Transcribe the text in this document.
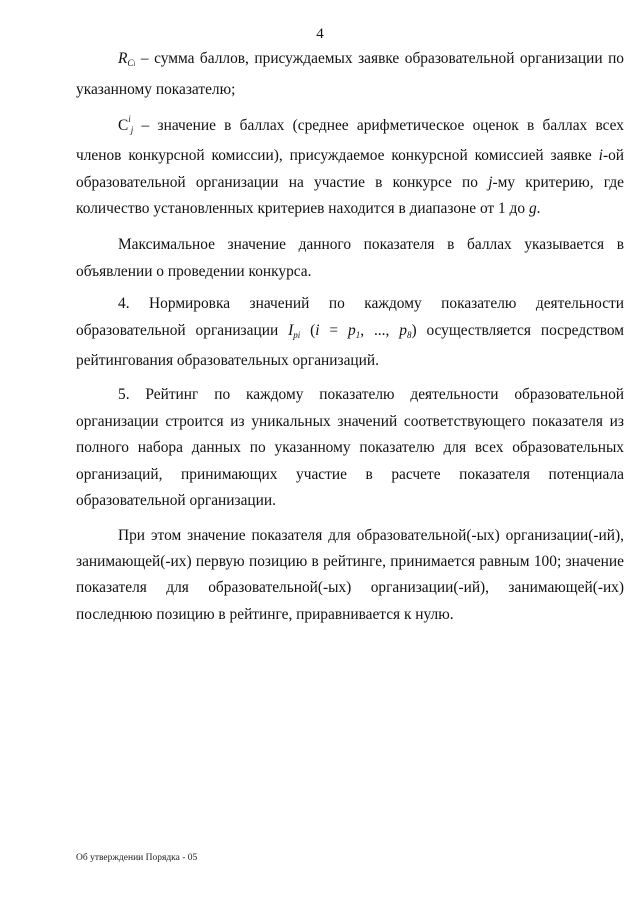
4

$R_{Ci}$ – сумма баллов, присуждаемых заявке образовательной организации по указанному показателю;

$C^i_j$ – значение в баллах (среднее арифметическое оценок в баллах всех членов конкурсной комиссии), присуждаемое конкурсной комиссией заявке i-ой образовательной организации на участие в конкурсе по j-му критерию, где количество установленных критериев находится в диапазоне от 1 до g.

Максимальное значение данного показателя в баллах указывается в объявлении о проведении конкурса.

4. Нормировка значений по каждому показателю деятельности образовательной организации $I_{pi}$ ($i = p_1$, ..., $p_8$) осуществляется посредством рейтингования образовательных организаций.

5. Рейтинг по каждому показателю деятельности образовательной организации строится из уникальных значений соответствующего показателя из полного набора данных по указанному показателю для всех образовательных организаций, принимающих участие в расчете показателя потенциала образовательной организации.

При этом значение показателя для образовательной(-ых) организации(-ий), занимающей(-их) первую позицию в рейтинге, принимается равным 100; значение показателя для образовательной(-ых) организации(-ий), занимающей(-их) последнюю позицию в рейтинге, приравнивается к нулю.

Об утверждении Порядка - 05
